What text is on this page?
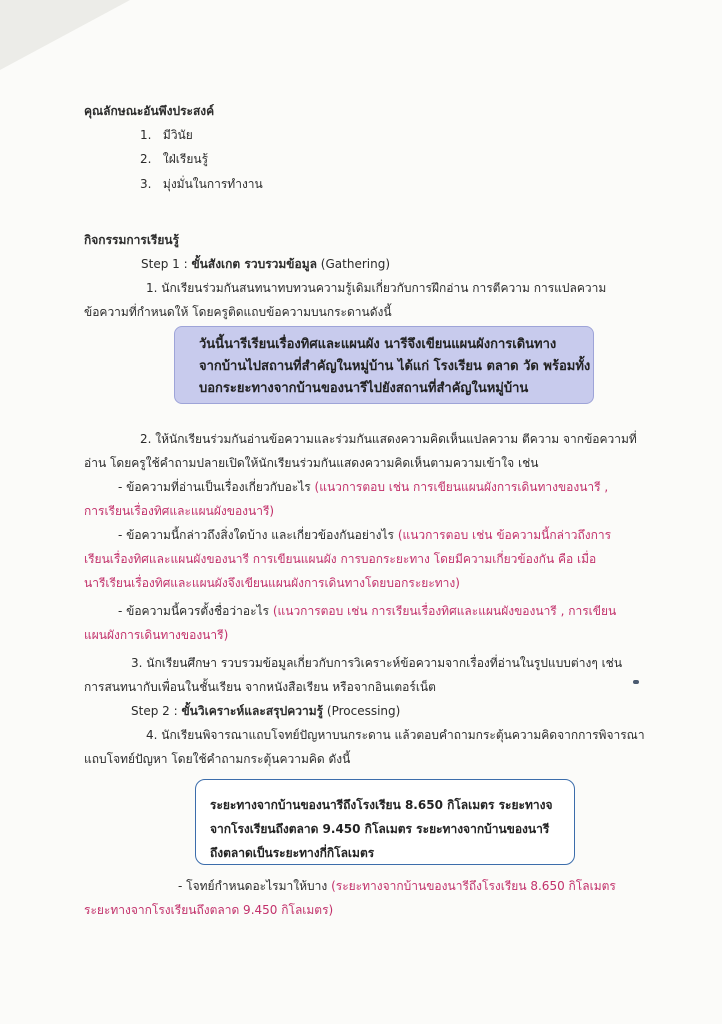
คุณลักษณะอันพึงประสงค์
1. มีวินัย
2. ใฝ่เรียนรู้
3. มุ่งมั่นในการทำงาน
กิจกรรมการเรียนรู้
Step 1 : ขั้นสังเกต รวบรวมข้อมูล (Gathering)
1. นักเรียนร่วมกันสนทนาทบทวนความรู้เดิมเกี่ยวกับการฝึกอ่าน การตีความ การแปลความ
ข้อความที่กำหนดให้ โดยครูติดแถบข้อความบนกระดานดังนี้
วันนี้นารีเรียนเรื่องทิศและแผนผัง นารีจึงเขียนแผนผังการเดินทาง
จากบ้านไปสถานที่สำคัญในหมู่บ้าน ได้แก่ โรงเรียน ตลาด วัด พร้อมทั้ง
บอกระยะทางจากบ้านของนารีไปยังสถานที่สำคัญในหมู่บ้าน
2. ให้นักเรียนร่วมกันอ่านข้อความและร่วมกันแสดงความคิดเห็นแปลความ ตีความ จากข้อความที่
อ่าน โดยครูใช้คำถามปลายเปิดให้นักเรียนร่วมกันแสดงความคิดเห็นตามความเข้าใจ เช่น
- ข้อความที่อ่านเป็นเรื่องเกี่ยวกับอะไร (แนวการตอบ เช่น การเขียนแผนผังการเดินทางของนารี ,
การเรียนเรื่องทิศและแผนผังของนารี)
- ข้อความนี้กล่าวถึงสิ่งใดบ้าง และเกี่ยวข้องกันอย่างไร (แนวการตอบ เช่น ข้อความนี้กล่าวถึงการ
เรียนเรื่องทิศและแผนผังของนารี การเขียนแผนผัง การบอกระยะทาง โดยมีความเกี่ยวข้องกัน คือ เมื่อ
นารีเรียนเรื่องทิศและแผนผังจึงเขียนแผนผังการเดินทางโดยบอกระยะทาง)
- ข้อความนี้ควรตั้งชื่อว่าอะไร (แนวการตอบ เช่น การเรียนเรื่องทิศและแผนผังของนารี , การเขียน
แผนผังการเดินทางของนารี)
3. นักเรียนศึกษา รวบรวมข้อมูลเกี่ยวกับการวิเคราะห์ข้อความจากเรื่องที่อ่านในรูปแบบต่างๆ เช่น
การสนทนากับเพื่อนในชั้นเรียน จากหนังสือเรียน หรือจากอินเตอร์เน็ต
Step 2 : ขั้นวิเคราะห์และสรุปความรู้ (Processing)
4. นักเรียนพิจารณาแถบโจทย์ปัญหาบนกระดาน แล้วตอบคำถามกระตุ้นความคิดจากการพิจารณา
แถบโจทย์ปัญหา โดยใช้คำถามกระตุ้นความคิด ดังนี้
ระยะทางจากบ้านของนารีถึงโรงเรียน 8.650 กิโลเมตร ระยะทางจ
จากโรงเรียนถึงตลาด 9.450 กิโลเมตร ระยะทางจากบ้านของนารี
ถึงตลาดเป็นระยะทางกี่กิโลเมตร
- โจทย์กำหนดอะไรมาให้บาง (ระยะทางจากบ้านของนารีถึงโรงเรียน 8.650 กิโลเมตร
ระยะทางจากโรงเรียนถึงตลาด 9.450 กิโลเมตร)
